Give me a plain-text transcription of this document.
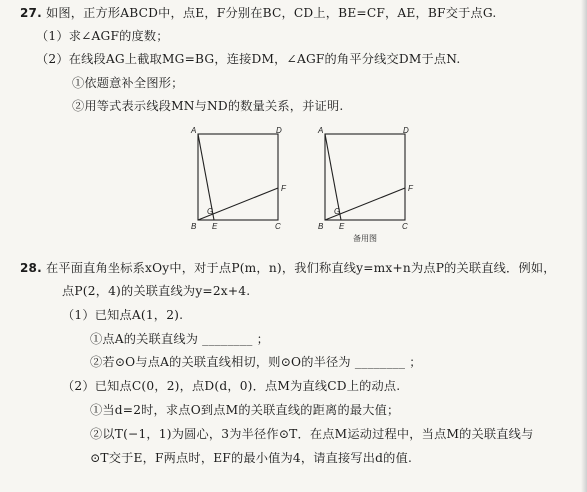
27. 如图，正方形ABCD中，点E，F分别在BC，CD上，BE=CF，AE，BF交于点G.
（1）求∠AGF的度数；
（2）在线段AG上截取MG=BG，连接DM，∠AGF的角平分线交DM于点N.
①依题意补全图形；
②用等式表示线段MN与ND的数量关系，并证明.
A	D
F
G
B E	C
A	D
F
G
B E	C
备用图
28. 在平面直角坐标系xOy中，对于点P(m，n)，我们称直线y=mx+n为点P的关联直线．例如，
点P(2，4)的关联直线为y=2x+4.
（1）已知点A(1，2).
①点A的关联直线为 ________ ；
②若⊙O与点A的关联直线相切，则⊙O的半径为 ________ ；
（2）已知点C(0，2)，点D(d，0)．点M为直线CD上的动点.
①当d=2时，求点O到点M的关联直线的距离的最大值；
②以T(−1，1)为圆心，3为半径作⊙T．在点M运动过程中，当点M的关联直线与
⊙T交于E，F两点时，EF的最小值为4，请直接写出d的值.
